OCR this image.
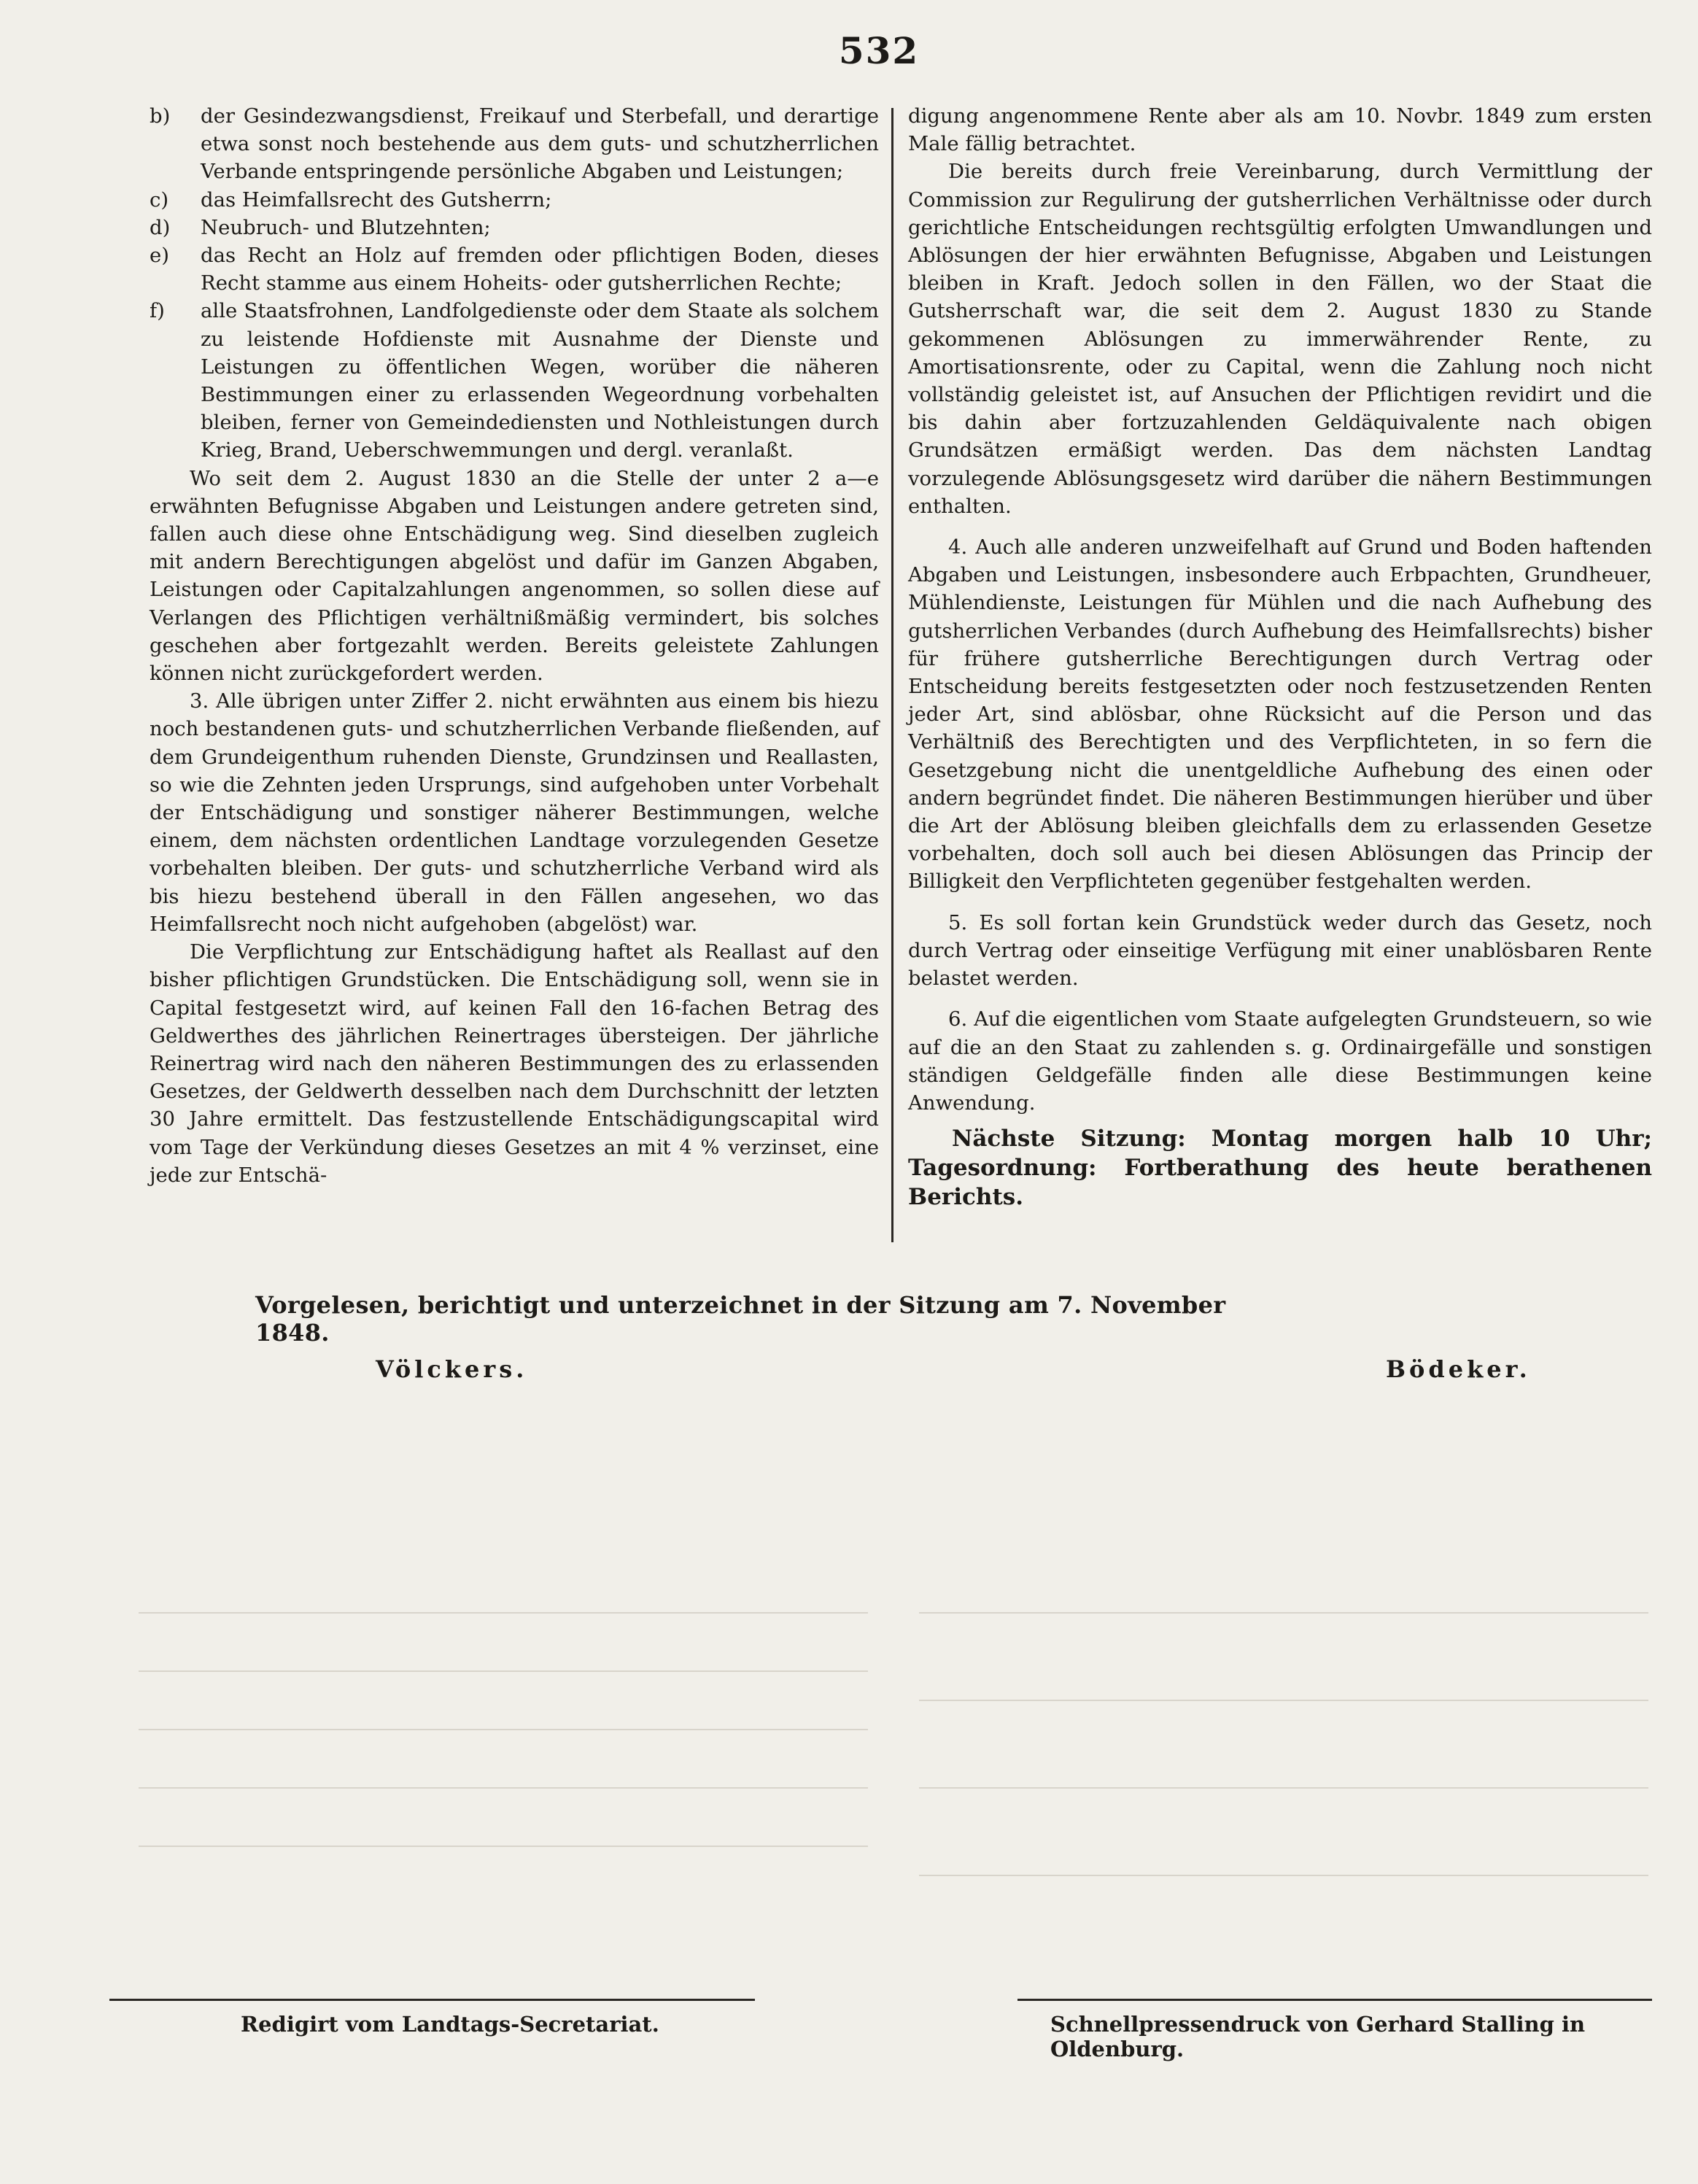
532
b)	der Gesindezwangsdienst, Freikauf und Sterbefall, und derartige etwa sonst noch bestehende aus dem guts- und schutzherrlichen Verbande entspringende persönliche Abgaben und Leistungen;
c)	das Heimfallsrecht des Gutsherrn;
d)	Neubruch- und Blutzehnten;
e)	das Recht an Holz auf fremden oder pflichtigen Boden, dieses Recht stamme aus einem Hoheits- oder gutsherrlichen Rechte;
f)	alle Staatsfrohnen, Landfolgedienste oder dem Staate als solchem zu leistende Hofdienste mit Ausnahme der Dienste und Leistungen zu öffentlichen Wegen, worüber die näheren Bestimmungen einer zu erlassenden Wegeordnung vorbehalten bleiben, ferner von Gemeindediensten und Nothleistungen durch Krieg, Brand, Ueberschwemmungen und dergl. veranlaßt.

Wo seit dem 2. August 1830 an die Stelle der unter 2 a—e erwähnten Befugnisse Abgaben und Leistungen andere getreten sind, fallen auch diese ohne Entschädigung weg. Sind dieselben zugleich mit andern Berechtigungen abgelöst und dafür im Ganzen Abgaben, Leistungen oder Capitalzahlungen angenommen, so sollen diese auf Verlangen des Pflichtigen verhältnißmäßig vermindert, bis solches geschehen aber fortgezahlt werden. Bereits geleistete Zahlungen können nicht zurückgefordert werden.

3. Alle übrigen unter Ziffer 2. nicht erwähnten aus einem bis hiezu noch bestandenen guts- und schutzherrlichen Verbande fließenden, auf dem Grundeigenthum ruhenden Dienste, Grundzinsen und Reallasten, so wie die Zehnten jeden Ursprungs, sind aufgehoben unter Vorbehalt der Entschädigung und sonstiger näherer Bestimmungen, welche einem, dem nächsten ordentlichen Landtage vorzulegenden Gesetze vorbehalten bleiben. Der guts- und schutzherrliche Verband wird als bis hiezu bestehend überall in den Fällen angesehen, wo das Heimfallsrecht noch nicht aufgehoben (abgelöst) war.

Die Verpflichtung zur Entschädigung haftet als Reallast auf den bisher pflichtigen Grundstücken. Die Entschädigung soll, wenn sie in Capital festgesetzt wird, auf keinen Fall den 16-fachen Betrag des Geldwerthes des jährlichen Reinertrages übersteigen. Der jährliche Reinertrag wird nach den näheren Bestimmungen des zu erlassenden Gesetzes, der Geldwerth desselben nach dem Durchschnitt der letzten 30 Jahre ermittelt. Das festzustellende Entschädigungscapital wird vom Tage der Verkündung dieses Gesetzes an mit 4 % verzinset, eine jede zur Entschä-

digung angenommene Rente aber als am 10. Novbr. 1849 zum ersten Male fällig betrachtet.

Die bereits durch freie Vereinbarung, durch Vermittlung der Commission zur Regulirung der gutsherrlichen Verhältnisse oder durch gerichtliche Entscheidungen rechtsgültig erfolgten Umwandlungen und Ablösungen der hier erwähnten Befugnisse, Abgaben und Leistungen bleiben in Kraft. Jedoch sollen in den Fällen, wo der Staat die Gutsherrschaft war, die seit dem 2. August 1830 zu Stande gekommenen Ablösungen zu immerwährender Rente, zu Amortisationsrente, oder zu Capital, wenn die Zahlung noch nicht vollständig geleistet ist, auf Ansuchen der Pflichtigen revidirt und die bis dahin aber fortzuzahlenden Geldäquivalente nach obigen Grundsätzen ermäßigt werden. Das dem nächsten Landtag vorzulegende Ablösungsgesetz wird darüber die nähern Bestimmungen enthalten.

4. Auch alle anderen unzweifelhaft auf Grund und Boden haftenden Abgaben und Leistungen, insbesondere auch Erbpachten, Grundheuer, Mühlendienste, Leistungen für Mühlen und die nach Aufhebung des gutsherrlichen Verbandes (durch Aufhebung des Heimfallsrechts) bisher für frühere gutsherrliche Berechtigungen durch Vertrag oder Entscheidung bereits festgesetzten oder noch festzusetzenden Renten jeder Art, sind ablösbar, ohne Rücksicht auf die Person und das Verhältniß des Berechtigten und des Verpflichteten, in so fern die Gesetzgebung nicht die unentgeldliche Aufhebung des einen oder andern begründet findet. Die näheren Bestimmungen hierüber und über die Art der Ablösung bleiben gleichfalls dem zu erlassenden Gesetze vorbehalten, doch soll auch bei diesen Ablösungen das Princip der Billigkeit den Verpflichteten gegenüber festgehalten werden.

5. Es soll fortan kein Grundstück weder durch das Gesetz, noch durch Vertrag oder einseitige Verfügung mit einer unablösbaren Rente belastet werden.

6. Auf die eigentlichen vom Staate aufgelegten Grundsteuern, so wie auf die an den Staat zu zahlenden s. g. Ordinairgefälle und sonstigen ständigen Geldgefälle finden alle diese Bestimmungen keine Anwendung.

Nächste Sitzung: Montag morgen halb 10 Uhr; Tagesordnung: Fortberathung des heute berathenen Berichts.

Vorgelesen, berichtigt und unterzeichnet in der Sitzung am 7. November 1848.
Völckers.	Bödeker.
Redigirt vom Landtags-Secretariat.	Schnellpressendruck von Gerhard Stalling in Oldenburg.
